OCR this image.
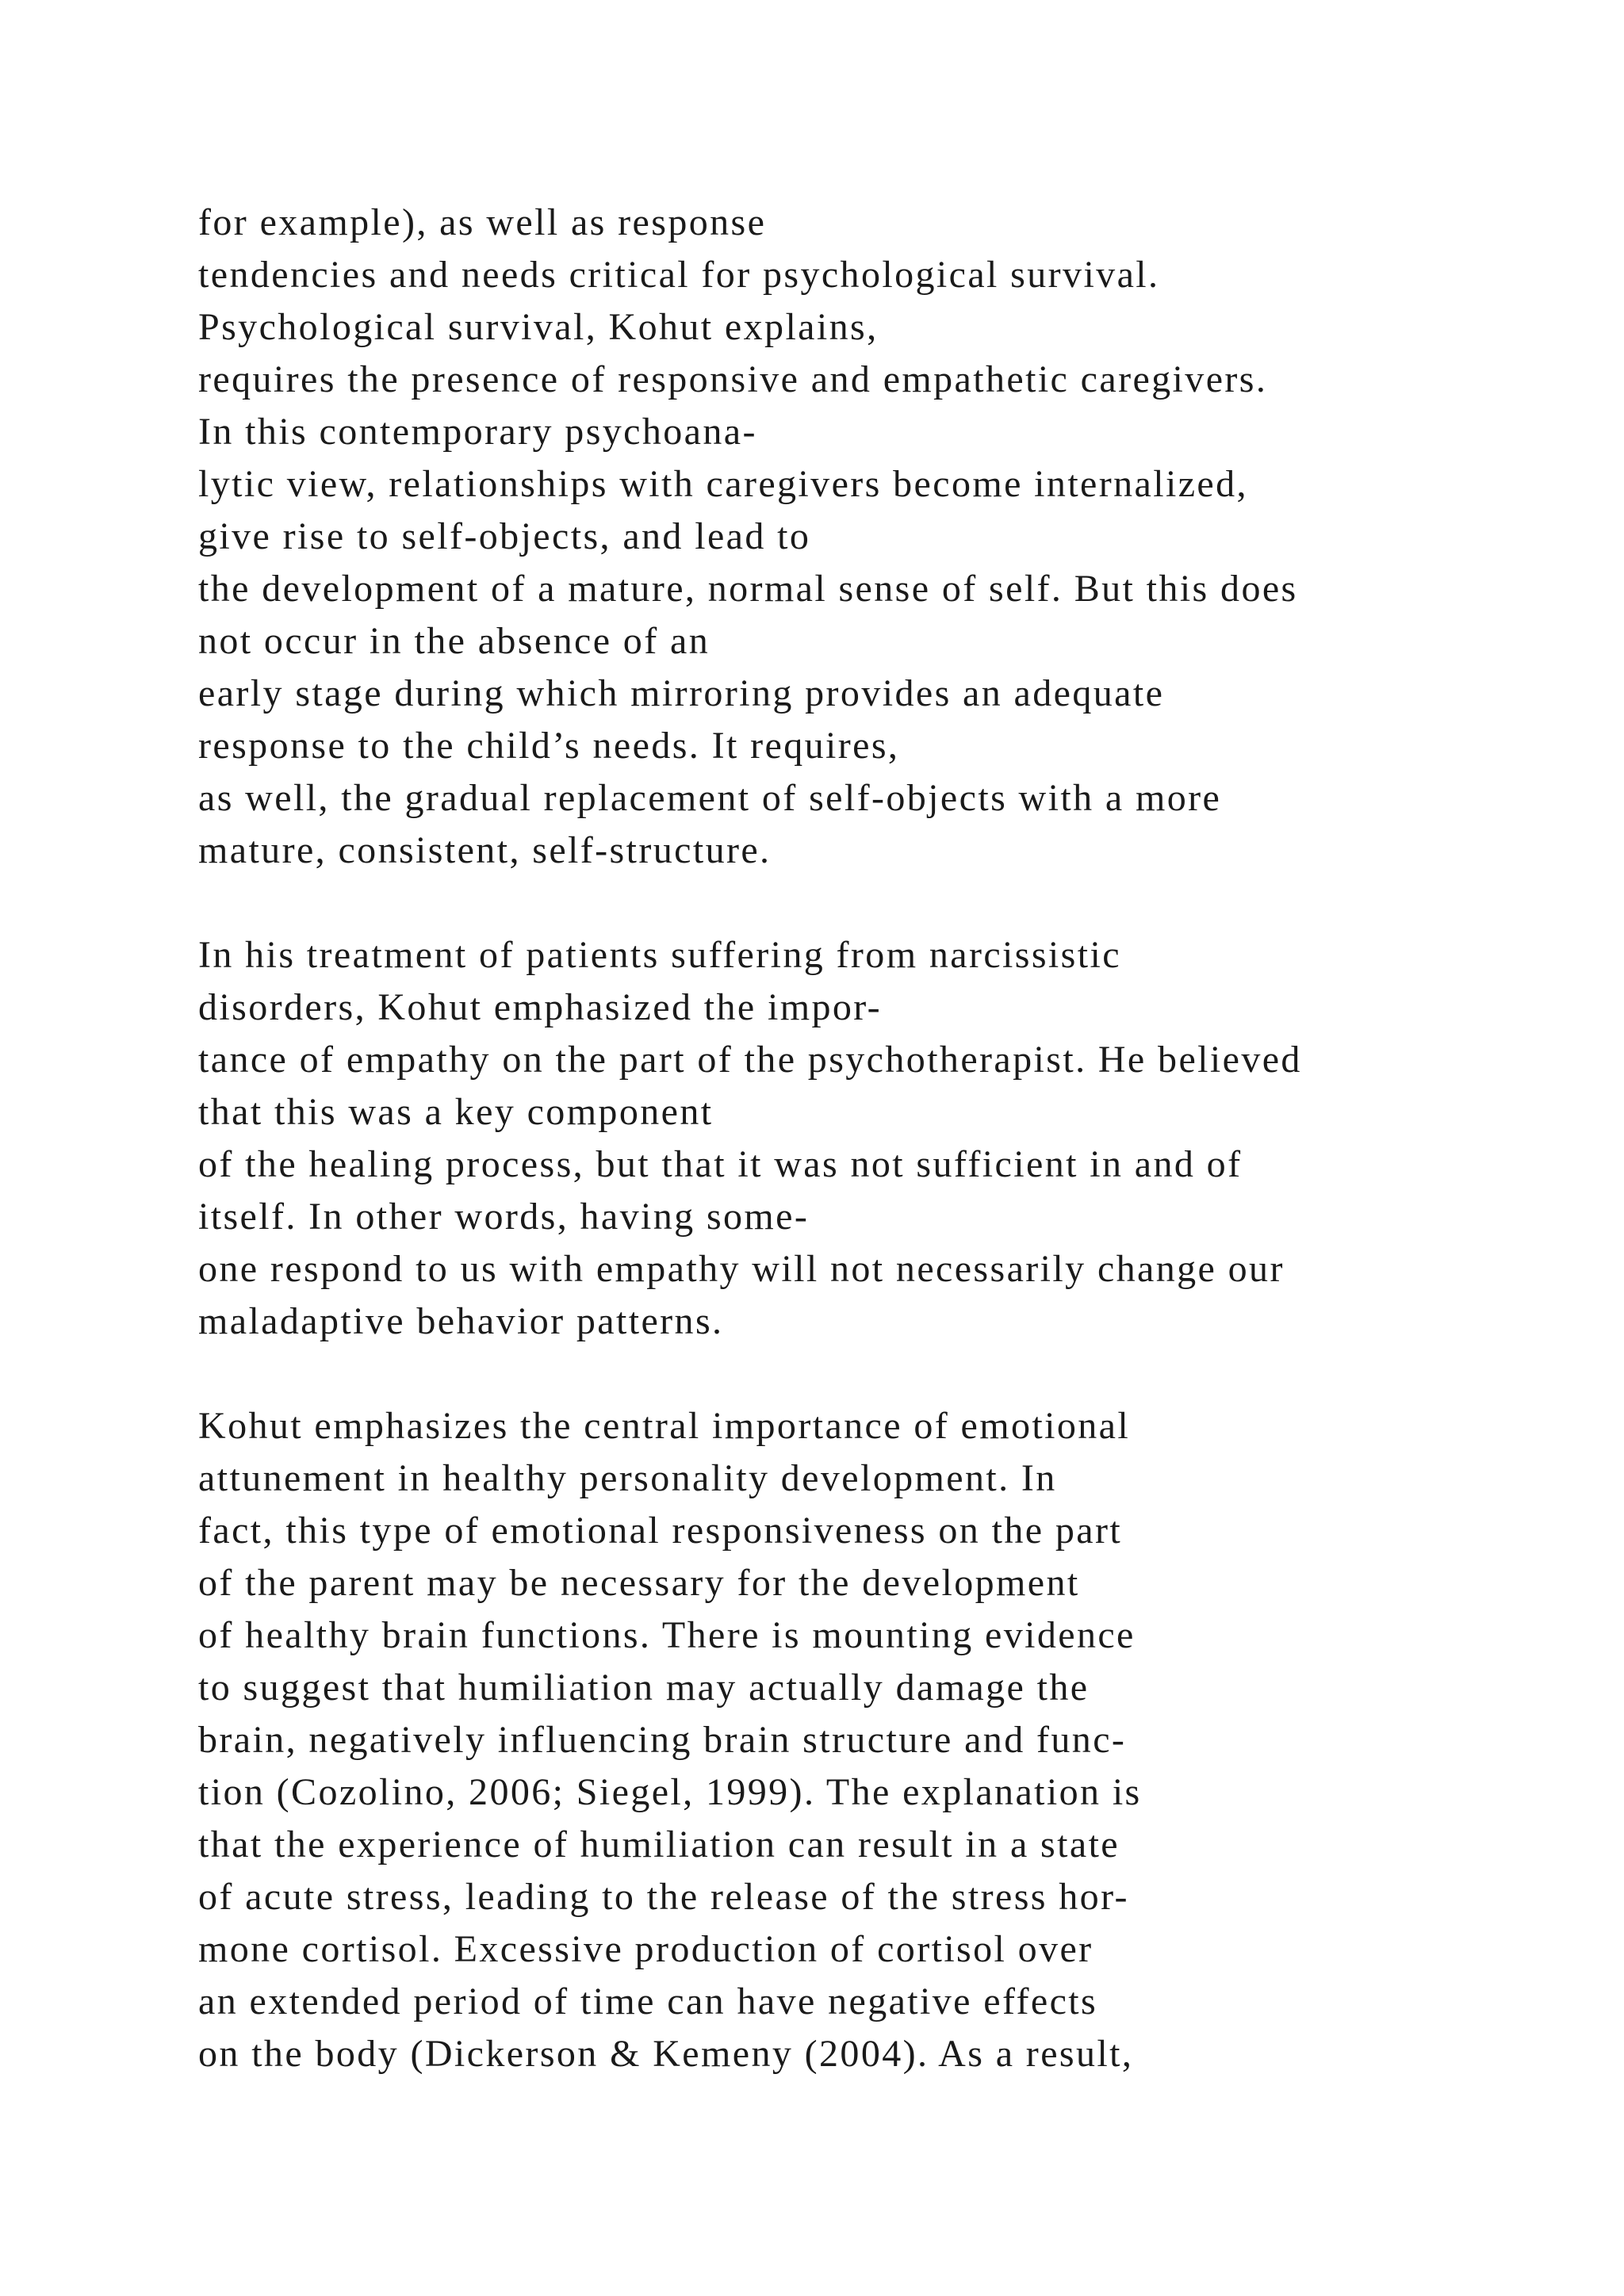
for example), as well as response
tendencies and needs critical for psychological survival.
Psychological survival, Kohut explains,
requires the presence of responsive and empathetic caregivers.
In this contemporary psychoana-
lytic view, relationships with caregivers become internalized,
give rise to self-objects, and lead to
the development of a mature, normal sense of self. But this does
not occur in the absence of an
early stage during which mirroring provides an adequate
response to the child’s needs. It requires,
as well, the gradual replacement of self-objects with a more
mature, consistent, self-structure.
In his treatment of patients suffering from narcissistic
disorders, Kohut emphasized the impor-
tance of empathy on the part of the psychotherapist. He believed
that this was a key component
of the healing process, but that it was not sufficient in and of
itself. In other words, having some-
one respond to us with empathy will not necessarily change our
maladaptive behavior patterns.
Kohut emphasizes the central importance of emotional
attunement in healthy personality development. In
fact, this type of emotional responsiveness on the part
of the parent may be necessary for the development
of healthy brain functions. There is mounting evidence
to suggest that humiliation may actually damage the
brain, negatively influencing brain structure and func-
tion (Cozolino, 2006; Siegel, 1999). The explanation is
that the experience of humiliation can result in a state
of acute stress, leading to the release of the stress hor-
mone cortisol. Excessive production of cortisol over
an extended period of time can have negative effects
on the body (Dickerson & Kemeny (2004). As a result,
